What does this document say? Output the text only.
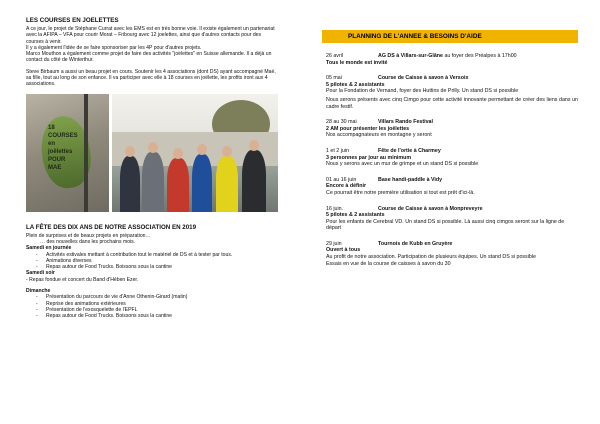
LES COURSES EN JOELETTES

A ce jour, le projet de Stéphane Currat avec les EMS est en très bonne voie. Il existe également un partenariat avec la AFIPA – VFA pour courir Morat – Fribourg avec 12 joelettes, ainsi que d'autres contacts pour des courses à venir.

Il y a également l'idée de se faire sponsoriser par les 4P pour d'autres projets.

Marco Mouthon a également comme projet de faire des activités "joëlettes" en Suisse allemande. Il a déjà un contact du côté de Winterthur.

Steve Birbaum a aussi un beau projet en cours. Soutenir les 4 associations (dont DS) ayant accompagné Maé, sa fille, tout au long de son enfance. Il va participer avec elle à 18 courses en joëlette, les profits iront aux 4 associations.

18 COURSES en joëlettes POUR MAE
LA FÊTE DES DIX ANS DE NOTRE ASSOCIATION EN 2019

Plein de surprises et de beaux projets en préparation…

… des nouvelles dans les prochains mois.

Samedi en journée
- Activités estivales mettant à contribution tout le matériel de DS et à tester par tous.
- Animations diverses
- Repas autour de Food Trucks. Boissons sous la cantine
Samedi soir

- Repas fondue et concert du Band d'Hében Ezer.

Dimanche
- Présentation du parcours de vie d'Anne Othenin-Girard (matin)
- Reprise des animations extérieures
- Présentation de l'exosquelette de l'EPFL
- Repas autour de Food Trucks. Boissons sous la cantine
PLANNING DE L'ANNEE & BESOINS D'AIDE
26 avril	AG DS à Villars-sur-Glâne au foyer des Préalpes à 17h00
Tous le monde est invité
05 mai	Course de Caisse à savon à Versoix
5 pilotes & 2 assistants

Pour la Fondation de Vernand, foyer des Huttins de Prilly. Un stand DS si possible

Nous serons présents avec cinq Cimgo pour cette activité innovante permettant de créer des liens dans un cadre festif.

28 au 30 mai	Villars Rando Festival
2 AM pour présenter les joëlettes

Nos accompagnateurs en montagne y seront

1 et 2 juin	Fête de l'ortie à Charmey
3 personnes par jour au minimum

Nous y serons avec un mur de grimpe et un stand DS si possible

01 au 16 juin	Base handi-paddle à Vidy
Encore à définir

Ce pourrait être notre première utilisation si tout est prêt d'ici-là.

16 juin.	Course de Caisse à savon à Monpreveyre
5 pilotes & 2 assistants

Pour les enfants de Cerebral VD. Un stand DS si possible. Là aussi cinq cimgos seront sur la ligne de départ

29 juin	Tournois de Kubb en Gruyère
Ouvert à tous

Au profit de notre association. Participation de plusieurs équipes. Un stand DS si possible

Essais en vue de la course de caisses à savon du 30
